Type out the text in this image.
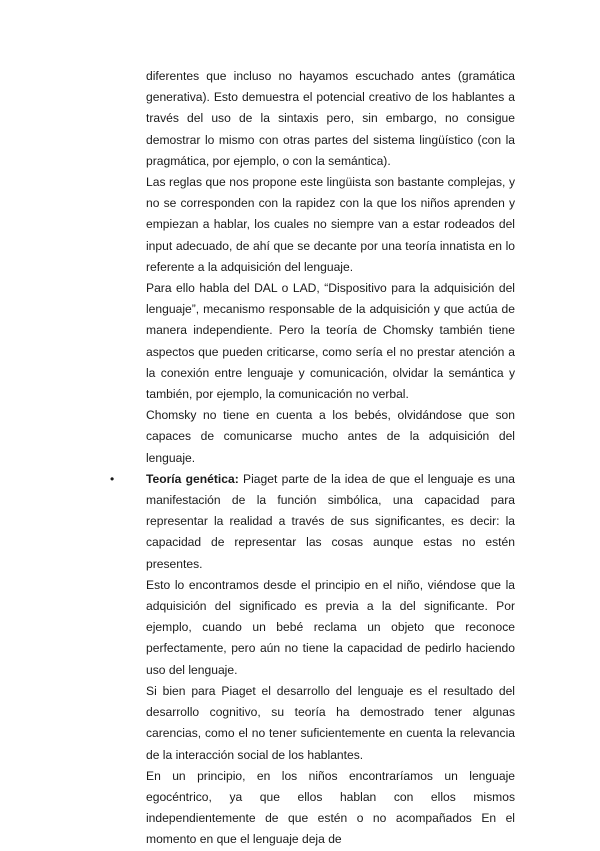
diferentes que incluso no hayamos escuchado antes (gramática generativa). Esto demuestra el potencial creativo de los hablantes a través del uso de la sintaxis pero, sin embargo, no consigue demostrar lo mismo con otras partes del sistema lingüístico (con la pragmática, por ejemplo, o con la semántica).

Las reglas que nos propone este lingüista son bastante complejas, y no se corresponden con la rapidez con la que los niños aprenden y empiezan a hablar, los cuales no siempre van a estar rodeados del input adecuado, de ahí que se decante por una teoría innatista en lo referente a la adquisición del lenguaje.

Para ello habla del DAL o LAD, “Dispositivo para la adquisición del lenguaje”, mecanismo responsable de la adquisición y que actúa de manera independiente. Pero la teoría de Chomsky también tiene aspectos que pueden criticarse, como sería el no prestar atención a la conexión entre lenguaje y comunicación, olvidar la semántica y también, por ejemplo, la comunicación no verbal.

Chomsky no tiene en cuenta a los bebés, olvidándose que son capaces de comunicarse mucho antes de la adquisición del lenguaje.

•	Teoría genética: Piaget parte de la idea de que el lenguaje es una manifestación de la función simbólica, una capacidad para representar la realidad a través de sus significantes, es decir: la capacidad de representar las cosas aunque estas no estén presentes.

Esto lo encontramos desde el principio en el niño, viéndose que la adquisición del significado es previa a la del significante. Por ejemplo, cuando un bebé reclama un objeto que reconoce perfectamente, pero aún no tiene la capacidad de pedirlo haciendo uso del lenguaje.

Si bien para Piaget el desarrollo del lenguaje es el resultado del desarrollo cognitivo, su teoría ha demostrado tener algunas carencias, como el no tener suficientemente en cuenta la relevancia de la interacción social de los hablantes.

En un principio, en los niños encontraríamos un lenguaje egocéntrico, ya que ellos hablan con ellos mismos independientemente de que estén o no acompañados En el momento en que el lenguaje deja de
